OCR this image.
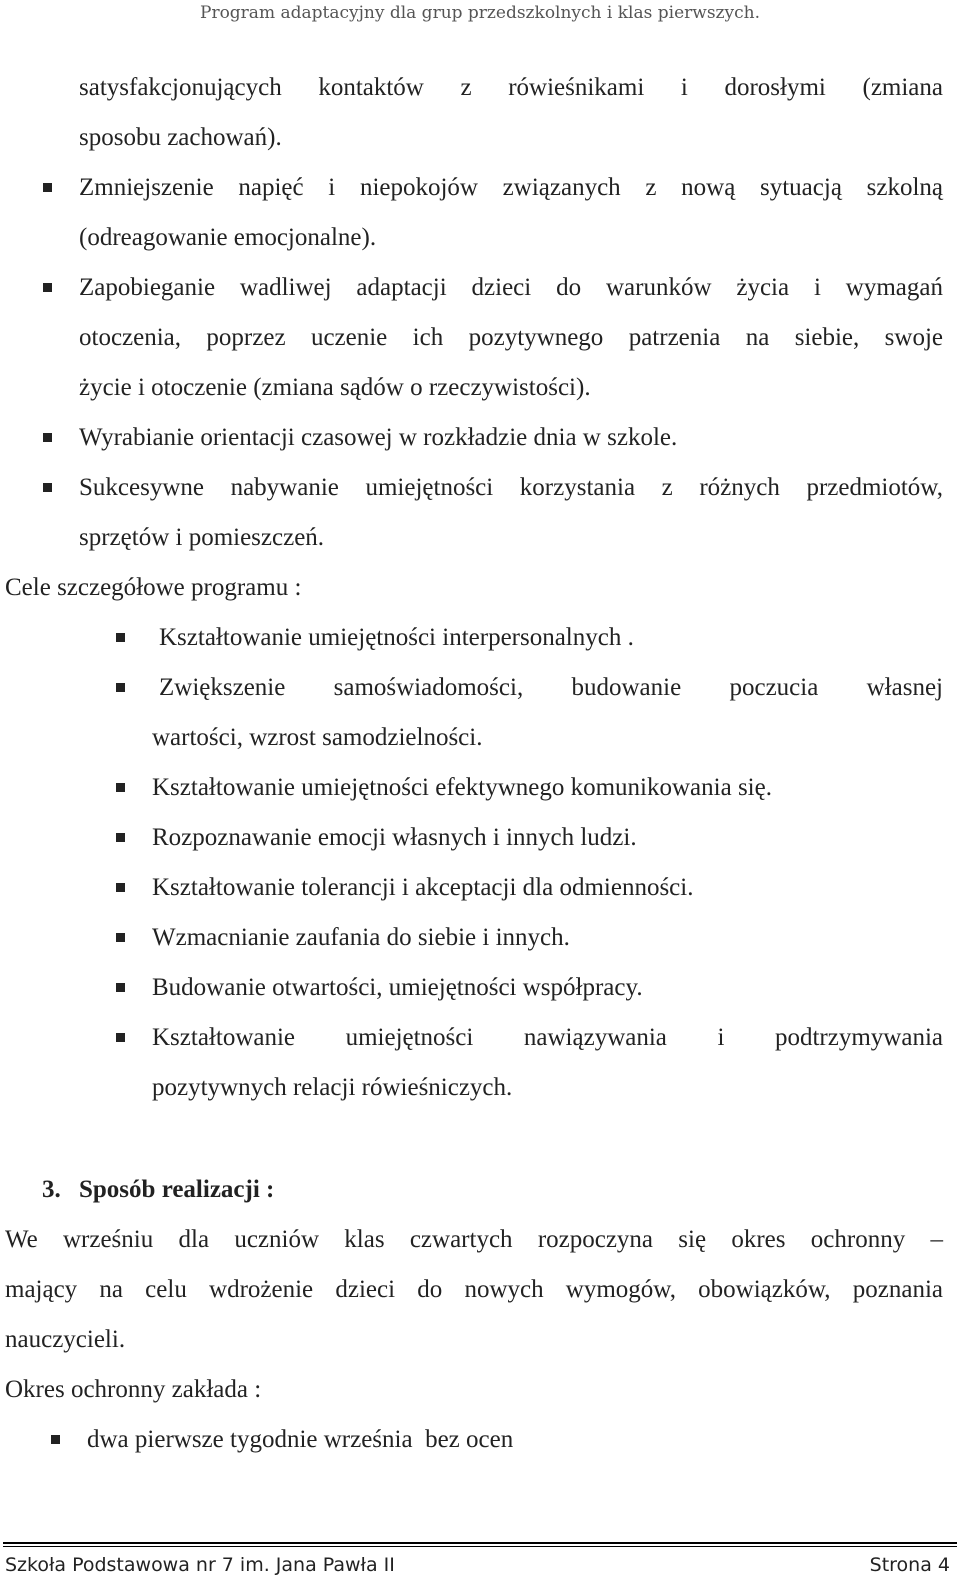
Program adaptacyjny dla grup przedszkolnych i klas pierwszych.
satysfakcjonujących kontaktów z rówieśnikami i dorosłymi (zmiana
sposobu zachowań).
Zmniejszenie napięć i niepokojów związanych z nową sytuacją szkolną
(odreagowanie emocjonalne).
Zapobieganie wadliwej adaptacji dzieci do warunków życia i wymagań
otoczenia, poprzez uczenie ich pozytywnego patrzenia na siebie, swoje
życie i otoczenie (zmiana sądów o rzeczywistości).
Wyrabianie orientacji czasowej w rozkładzie dnia w szkole.
Sukcesywne nabywanie umiejętności korzystania z różnych przedmiotów,
sprzętów i pomieszczeń.
Cele szczegółowe programu :
Kształtowanie umiejętności interpersonalnych .
Zwiększenie samoświadomości, budowanie poczucia własnej
wartości, wzrost samodzielności.
Kształtowanie umiejętności efektywnego komunikowania się.
Rozpoznawanie emocji własnych i innych ludzi.
Kształtowanie tolerancji i akceptacji dla odmienności.
Wzmacnianie zaufania do siebie i innych.
Budowanie otwartości, umiejętności współpracy.
Kształtowanie umiejętności nawiązywania i podtrzymywania
pozytywnych relacji rówieśniczych.
3. Sposób realizacji :
We wrześniu dla uczniów klas czwartych rozpoczyna się okres ochronny –
mający na celu wdrożenie dzieci do nowych wymogów, obowiązków, poznania
nauczycieli.
Okres ochronny zakłada :
dwa pierwsze tygodnie września  bez ocen
Szkoła Podstawowa nr 7 im. Jana Pawła II	Strona 4
